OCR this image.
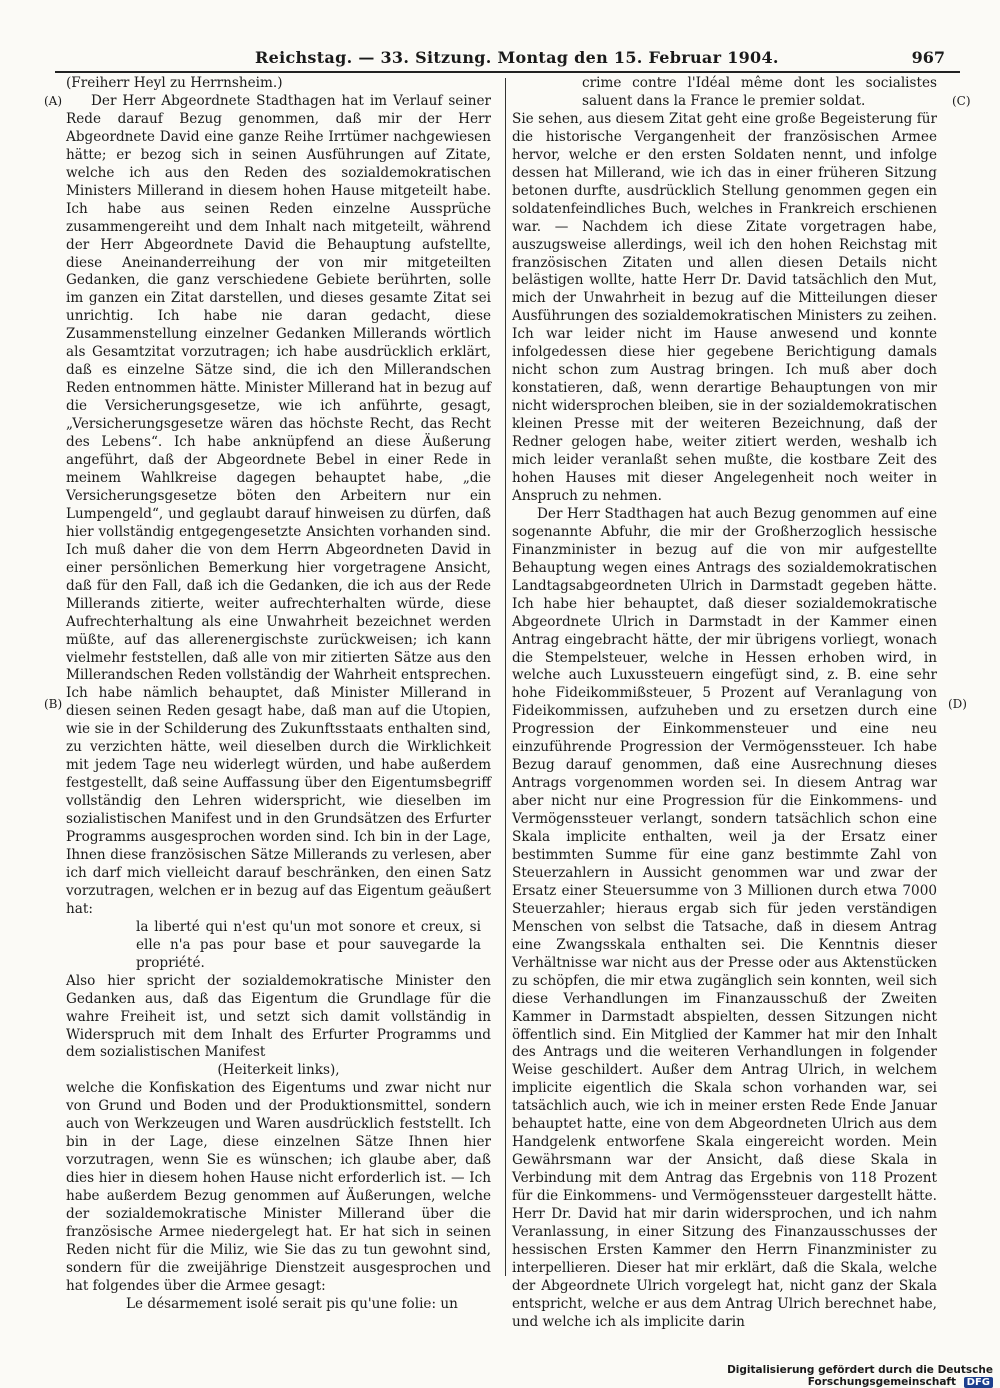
Reichstag. — 33. Sitzung. Montag den 15. Februar 1904.	967
(A)
(B)
(C)
(D)

(Freiherr Heyl zu Herrnsheim.)

Der Herr Abgeordnete Stadthagen hat im Verlauf seiner Rede darauf Bezug genommen, daß mir der Herr Abgeordnete David eine ganze Reihe Irrtümer nachgewiesen hätte; er bezog sich in seinen Ausführungen auf Zitate, welche ich aus den Reden des sozialdemokratischen Ministers Millerand in diesem hohen Hause mitgeteilt habe. Ich habe aus seinen Reden einzelne Aussprüche zusammengereiht und dem Inhalt nach mitgeteilt, während der Herr Abgeordnete David die Behauptung aufstellte, diese Aneinanderreihung der von mir mitgeteilten Gedanken, die ganz verschiedene Gebiete berührten, solle im ganzen ein Zitat darstellen, und dieses gesamte Zitat sei unrichtig. Ich habe nie daran gedacht, diese Zusammenstellung einzelner Gedanken Millerands wörtlich als Gesamtzitat vorzutragen; ich habe ausdrücklich erklärt, daß es einzelne Sätze sind, die ich den Millerandschen Reden entnommen hätte. Minister Millerand hat in bezug auf die Versicherungsgesetze, wie ich anführte, gesagt, „Versicherungsgesetze wären das höchste Recht, das Recht des Lebens“. Ich habe anknüpfend an diese Äußerung angeführt, daß der Abgeordnete Bebel in einer Rede in meinem Wahlkreise dagegen behauptet habe, „die Versicherungsgesetze böten den Arbeitern nur ein Lumpengeld“, und geglaubt darauf hinweisen zu dürfen, daß hier vollständig entgegengesetzte Ansichten vorhanden sind. Ich muß daher die von dem Herrn Abgeordneten David in einer persönlichen Bemerkung hier vorgetragene Ansicht, daß für den Fall, daß ich die Gedanken, die ich aus der Rede Millerands zitierte, weiter aufrechterhalten würde, diese Aufrechterhaltung als eine Unwahrheit bezeichnet werden müßte, auf das allerenergischste zurückweisen; ich kann vielmehr feststellen, daß alle von mir zitierten Sätze aus den Millerandschen Reden vollständig der Wahrheit entsprechen. Ich habe nämlich behauptet, daß Minister Millerand in diesen seinen Reden gesagt habe, daß man auf die Utopien, wie sie in der Schilderung des Zukunftsstaats enthalten sind, zu verzichten hätte, weil dieselben durch die Wirklichkeit mit jedem Tage neu widerlegt würden, und habe außerdem festgestellt, daß seine Auffassung über den Eigentumsbegriff vollständig den Lehren widerspricht, wie dieselben im sozialistischen Manifest und in den Grundsätzen des Erfurter Programms ausgesprochen worden sind. Ich bin in der Lage, Ihnen diese französischen Sätze Millerands zu verlesen, aber ich darf mich vielleicht darauf beschränken, den einen Satz vorzutragen, welchen er in bezug auf das Eigentum geäußert hat:

la liberté qui n'est qu'un mot sonore et creux, si elle n'a pas pour base et pour sauvegarde la propriété.

Also hier spricht der sozialdemokratische Minister den Gedanken aus, daß das Eigentum die Grundlage für die wahre Freiheit ist, und setzt sich damit vollständig in Widerspruch mit dem Inhalt des Erfurter Programms und dem sozialistischen Manifest

(Heiterkeit links),

welche die Konfiskation des Eigentums und zwar nicht nur von Grund und Boden und der Produktionsmittel, sondern auch von Werkzeugen und Waren ausdrücklich feststellt. Ich bin in der Lage, diese einzelnen Sätze Ihnen hier vorzutragen, wenn Sie es wünschen; ich glaube aber, daß dies hier in diesem hohen Hause nicht erforderlich ist. — Ich habe außerdem Bezug genommen auf Äußerungen, welche der sozialdemokratische Minister Millerand über die französische Armee niedergelegt hat. Er hat sich in seinen Reden nicht für die Miliz, wie Sie das zu tun gewohnt sind, sondern für die zweijährige Dienstzeit ausgesprochen und hat folgendes über die Armee gesagt:

Le désarmement isolé serait pis qu'une folie: un

crime contre l'Idéal même dont les socialistes saluent dans la France le premier soldat.

Sie sehen, aus diesem Zitat geht eine große Begeisterung für die historische Vergangenheit der französischen Armee hervor, welche er den ersten Soldaten nennt, und infolge dessen hat Millerand, wie ich das in einer früheren Sitzung betonen durfte, ausdrücklich Stellung genommen gegen ein soldatenfeindliches Buch, welches in Frankreich erschienen war. — Nachdem ich diese Zitate vorgetragen habe, auszugsweise allerdings, weil ich den hohen Reichstag mit französischen Zitaten und allen diesen Details nicht belästigen wollte, hatte Herr Dr. David tatsächlich den Mut, mich der Unwahrheit in bezug auf die Mitteilungen dieser Ausführungen des sozialdemokratischen Ministers zu zeihen. Ich war leider nicht im Hause anwesend und konnte infolgedessen diese hier gegebene Berichtigung damals nicht schon zum Austrag bringen. Ich muß aber doch konstatieren, daß, wenn derartige Behauptungen von mir nicht widersprochen bleiben, sie in der sozialdemokratischen kleinen Presse mit der weiteren Bezeichnung, daß der Redner gelogen habe, weiter zitiert werden, weshalb ich mich leider veranlaßt sehen mußte, die kostbare Zeit des hohen Hauses mit dieser Angelegenheit noch weiter in Anspruch zu nehmen.

Der Herr Stadthagen hat auch Bezug genommen auf eine sogenannte Abfuhr, die mir der Großherzoglich hessische Finanzminister in bezug auf die von mir aufgestellte Behauptung wegen eines Antrags des sozialdemokratischen Landtagsabgeordneten Ulrich in Darmstadt gegeben hätte. Ich habe hier behauptet, daß dieser sozialdemokratische Abgeordnete Ulrich in Darmstadt in der Kammer einen Antrag eingebracht hätte, der mir übrigens vorliegt, wonach die Stempelsteuer, welche in Hessen erhoben wird, in welche auch Luxussteuern eingefügt sind, z. B. eine sehr hohe Fideikommißsteuer, 5 Prozent auf Veranlagung von Fideikommissen, aufzuheben und zu ersetzen durch eine Progression der Einkommensteuer und eine neu einzuführende Progression der Vermögenssteuer. Ich habe Bezug darauf genommen, daß eine Ausrechnung dieses Antrags vorgenommen worden sei. In diesem Antrag war aber nicht nur eine Progression für die Einkommens- und Vermögenssteuer verlangt, sondern tatsächlich schon eine Skala implicite enthalten, weil ja der Ersatz einer bestimmten Summe für eine ganz bestimmte Zahl von Steuerzahlern in Aussicht genommen war und zwar der Ersatz einer Steuersumme von 3 Millionen durch etwa 7000 Steuerzahler; hieraus ergab sich für jeden verständigen Menschen von selbst die Tatsache, daß in diesem Antrag eine Zwangsskala enthalten sei. Die Kenntnis dieser Verhältnisse war nicht aus der Presse oder aus Aktenstücken zu schöpfen, die mir etwa zugänglich sein konnten, weil sich diese Verhandlungen im Finanzausschuß der Zweiten Kammer in Darmstadt abspielten, dessen Sitzungen nicht öffentlich sind. Ein Mitglied der Kammer hat mir den Inhalt des Antrags und die weiteren Verhandlungen in folgender Weise geschildert. Außer dem Antrag Ulrich, in welchem implicite eigentlich die Skala schon vorhanden war, sei tatsächlich auch, wie ich in meiner ersten Rede Ende Januar behauptet hatte, eine von dem Abgeordneten Ulrich aus dem Handgelenk entworfene Skala eingereicht worden. Mein Gewährsmann war der Ansicht, daß diese Skala in Verbindung mit dem Antrag das Ergebnis von 118 Prozent für die Einkommens- und Vermögenssteuer dargestellt hätte. Herr Dr. David hat mir darin widersprochen, und ich nahm Veranlassung, in einer Sitzung des Finanzausschusses der hessischen Ersten Kammer den Herrn Finanzminister zu interpellieren. Dieser hat mir erklärt, daß die Skala, welche der Abgeordnete Ulrich vorgelegt hat, nicht ganz der Skala entspricht, welche er aus dem Antrag Ulrich berechnet habe, und welche ich als implicite darin

Digitalisierung gefördert durch die Deutsche Forschungsgemeinschaft DFG
